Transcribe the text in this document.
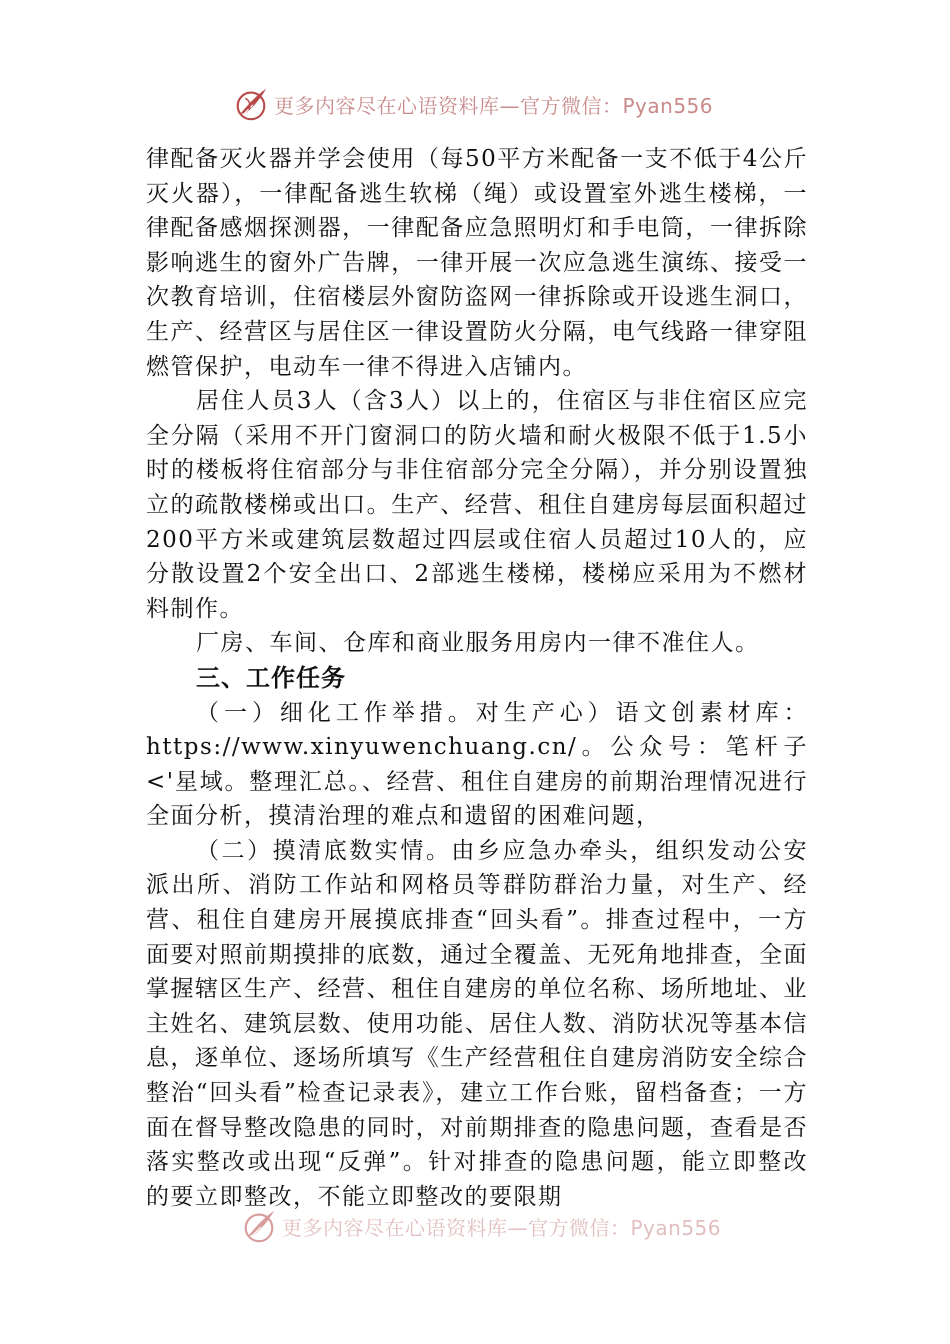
更多内容尽在心语资料库—官方微信：Pyan556

律配备灭火器并学会使用（每50平方米配备一支不低于4公斤灭火器），一律配备逃生软梯（绳）或设置室外逃生楼梯，一律配备感烟探测器，一律配备应急照明灯和手电筒，一律拆除影响逃生的窗外广告牌，一律开展一次应急逃生演练、接受一次教育培训，住宿楼层外窗防盗网一律拆除或开设逃生洞口，生产、经营区与居住区一律设置防火分隔，电气线路一律穿阻燃管保护，电动车一律不得进入店铺内。

居住人员3人（含3人）以上的，住宿区与非住宿区应完全分隔（采用不开门窗洞口的防火墙和耐火极限不低于1.5小时的楼板将住宿部分与非住宿部分完全分隔），并分别设置独立的疏散楼梯或出口。生产、经营、租住自建房每层面积超过200平方米或建筑层数超过四层或住宿人员超过10人的，应分散设置2个安全出口、2部逃生楼梯，楼梯应采用为不燃材料制作。

厂房、车间、仓库和商业服务用房内一律不准住人。

三、工作任务

（一）细化工作举措。对生产心）语文创素材库：https://www.xinyuwenchuang.cn/。公众号：笔杆子<'星域。整理汇总。、经营、租住自建房的前期治理情况进行全面分析，摸清治理的难点和遗留的困难问题，

（二）摸清底数实情。由乡应急办牵头，组织发动公安派出所、消防工作站和网格员等群防群治力量，对生产、经营、租住自建房开展摸底排查“回头看”。排查过程中，一方面要对照前期摸排的底数，通过全覆盖、无死角地排查，全面掌握辖区生产、经营、租住自建房的单位名称、场所地址、业主姓名、建筑层数、使用功能、居住人数、消防状况等基本信息，逐单位、逐场所填写《生产经营租住自建房消防安全综合整治“回头看”检查记录表》，建立工作台账，留档备查；一方面在督导整改隐患的同时，对前期排查的隐患问题，查看是否落实整改或出现“反弹”。针对排查的隐患问题，能立即整改的要立即整改，不能立即整改的要限期

更多内容尽在心语资料库—官方微信：Pyan556
